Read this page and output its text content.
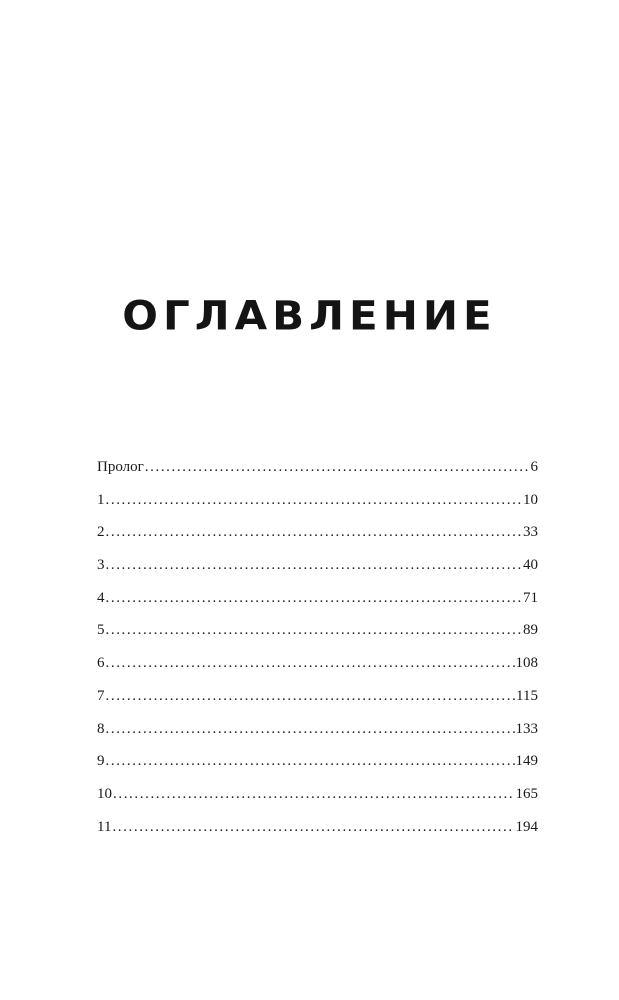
ОГЛАВЛЕНИЕ
Пролог .....	6
1 .....	10
2 .....	33
3 .....	40
4 .....	71
5 .....	89
6 .....	108
7 .....	115
8 .....	133
9 .....	149
10 .....	165
11 .....	194
